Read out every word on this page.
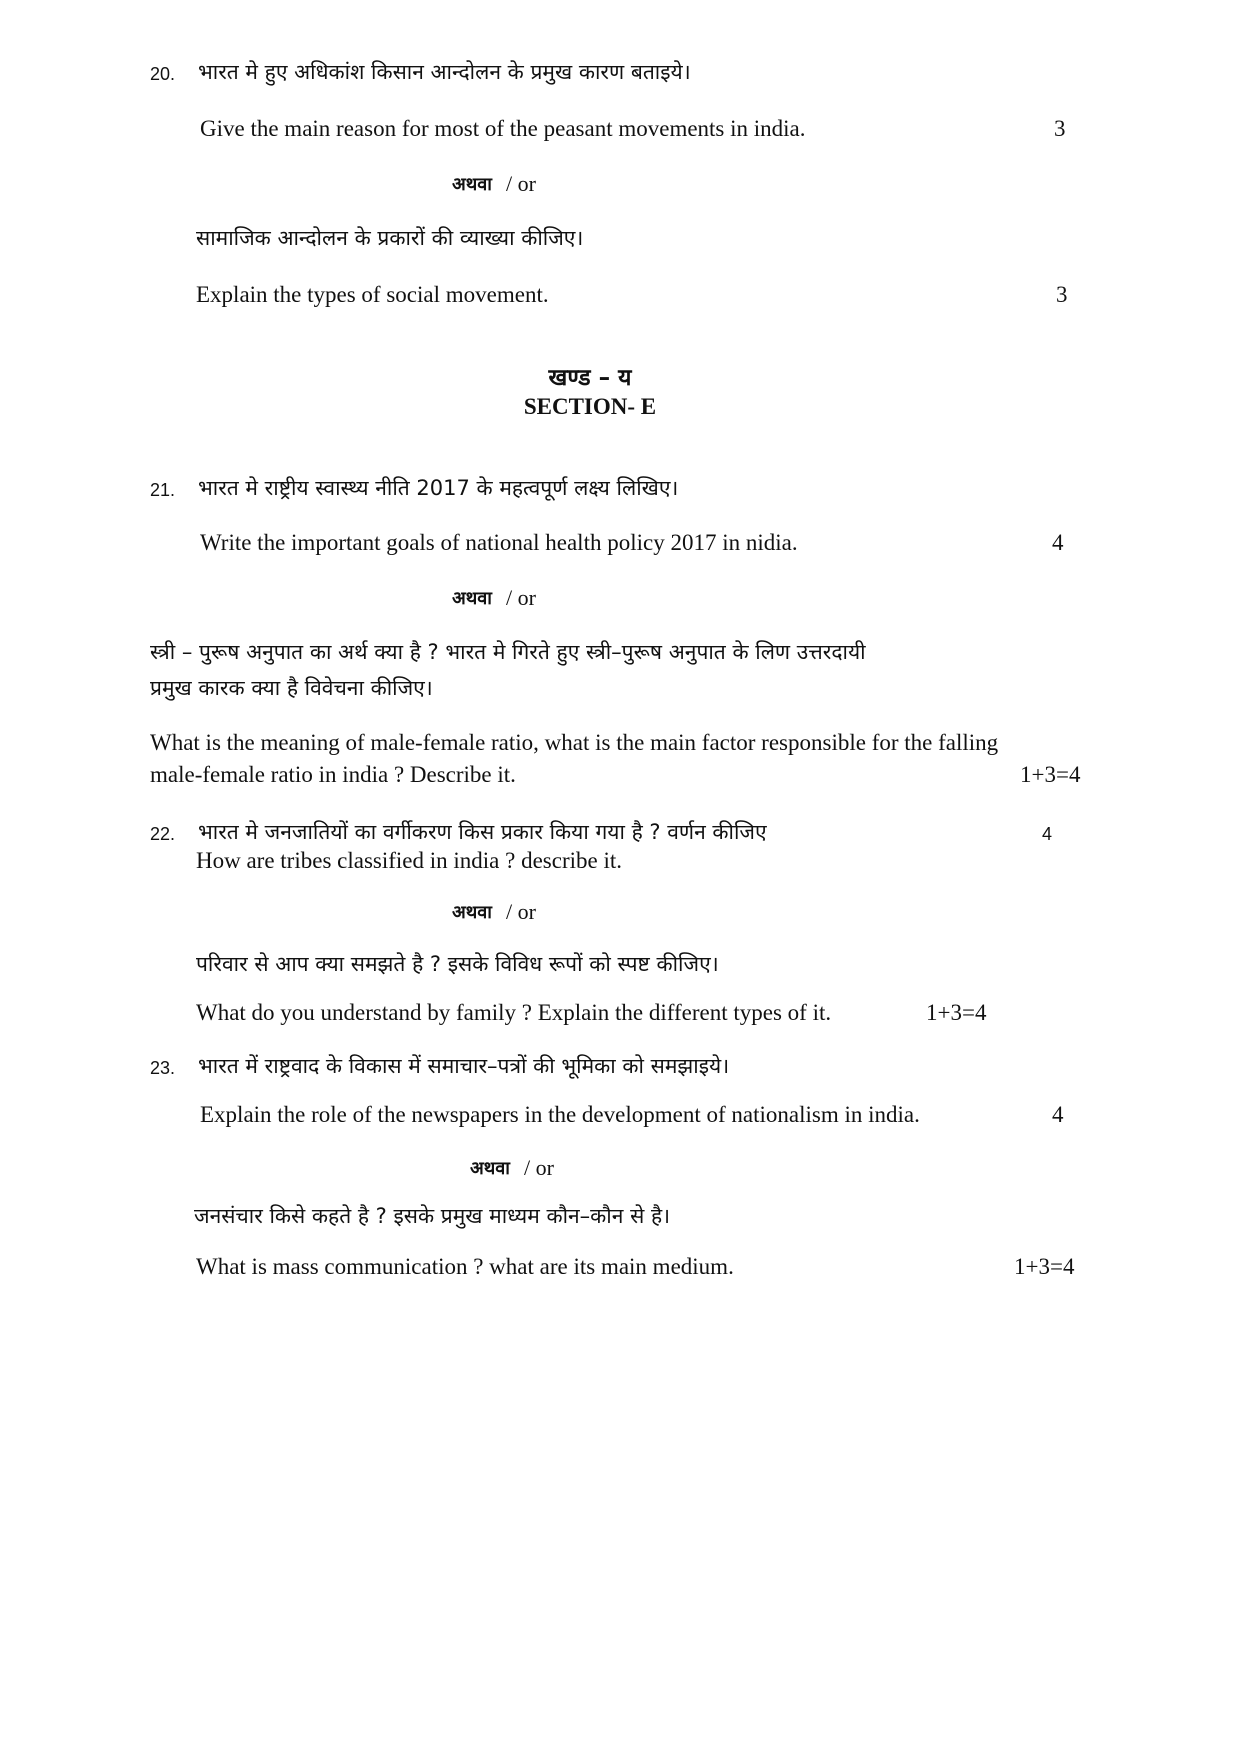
20. भारत मे हुए अधिकांश किसान आन्दोलन के प्रमुख कारण बताइये।
Give the main reason for most of the peasant movements in india.	3
अथवा / or
सामाजिक आन्दोलन के प्रकारों की व्याख्या कीजिए।
Explain the types of social movement.	3
खण्ड – य
SECTION- E
21. भारत मे राष्ट्रीय स्वास्थ्य नीति 2017 के महत्वपूर्ण लक्ष्य लिखिए।
Write the important goals of national health policy 2017 in nidia.	4
अथवा / or
स्त्री – पुरूष अनुपात का अर्थ क्या है ? भारत मे गिरते हुए स्त्री–पुरूष अनुपात के लिण उत्तरदायी
प्रमुख कारक क्या है विवेचना कीजिए।
What is the meaning of male-female ratio, what is the main factor responsible for the falling
male-female ratio in india ? Describe it.	1+3=4
22. भारत मे जनजातियों का वर्गीकरण किस प्रकार किया गया है ? वर्णन कीजिए	4
How are tribes classified in india ? describe it.
अथवा / or
परिवार से आप क्या समझते है ? इसके विविध रूपों को स्पष्ट कीजिए।
What do you understand by family ? Explain the different types of it.	1+3=4
23. भारत में राष्ट्रवाद के विकास में समाचार–पत्रों की भूमिका को समझाइये।
Explain the role of the newspapers in the development of nationalism in india.	4
अथवा / or
जनसंचार किसे कहते है ? इसके प्रमुख माध्यम कौन–कौन से है।
What is mass communication ? what are its main medium.	1+3=4
